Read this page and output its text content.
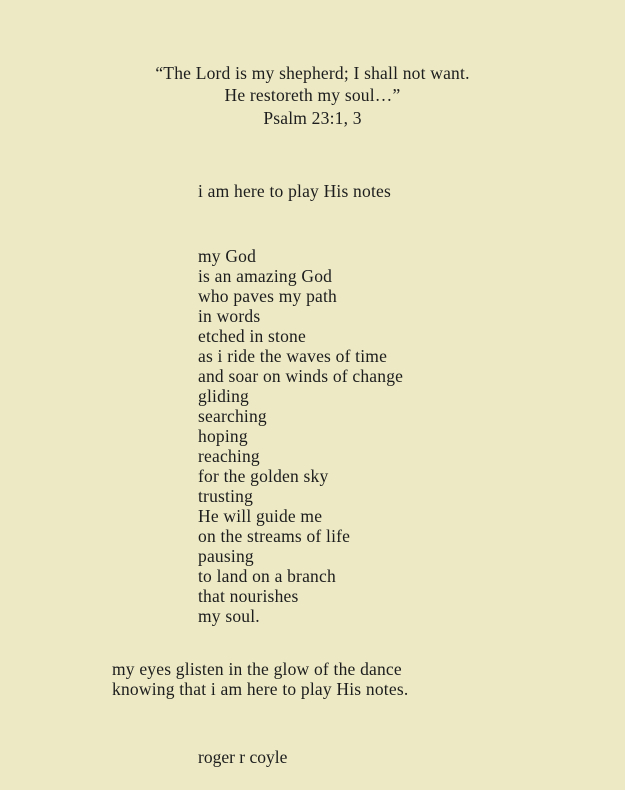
“The Lord is my shepherd; I shall not want.
He restoreth my soul…”
Psalm 23:1, 3
i am here to play His notes
my God
is an amazing God
who paves my path
in words
etched in stone
as i ride the waves of time
and soar on winds of change
gliding
searching
hoping
reaching
for the golden sky
trusting
He will guide me
on the streams of life
pausing
to land on a branch
that nourishes
my soul.
my eyes glisten in the glow of the dance
knowing that i am here to play His notes.
roger r coyle
